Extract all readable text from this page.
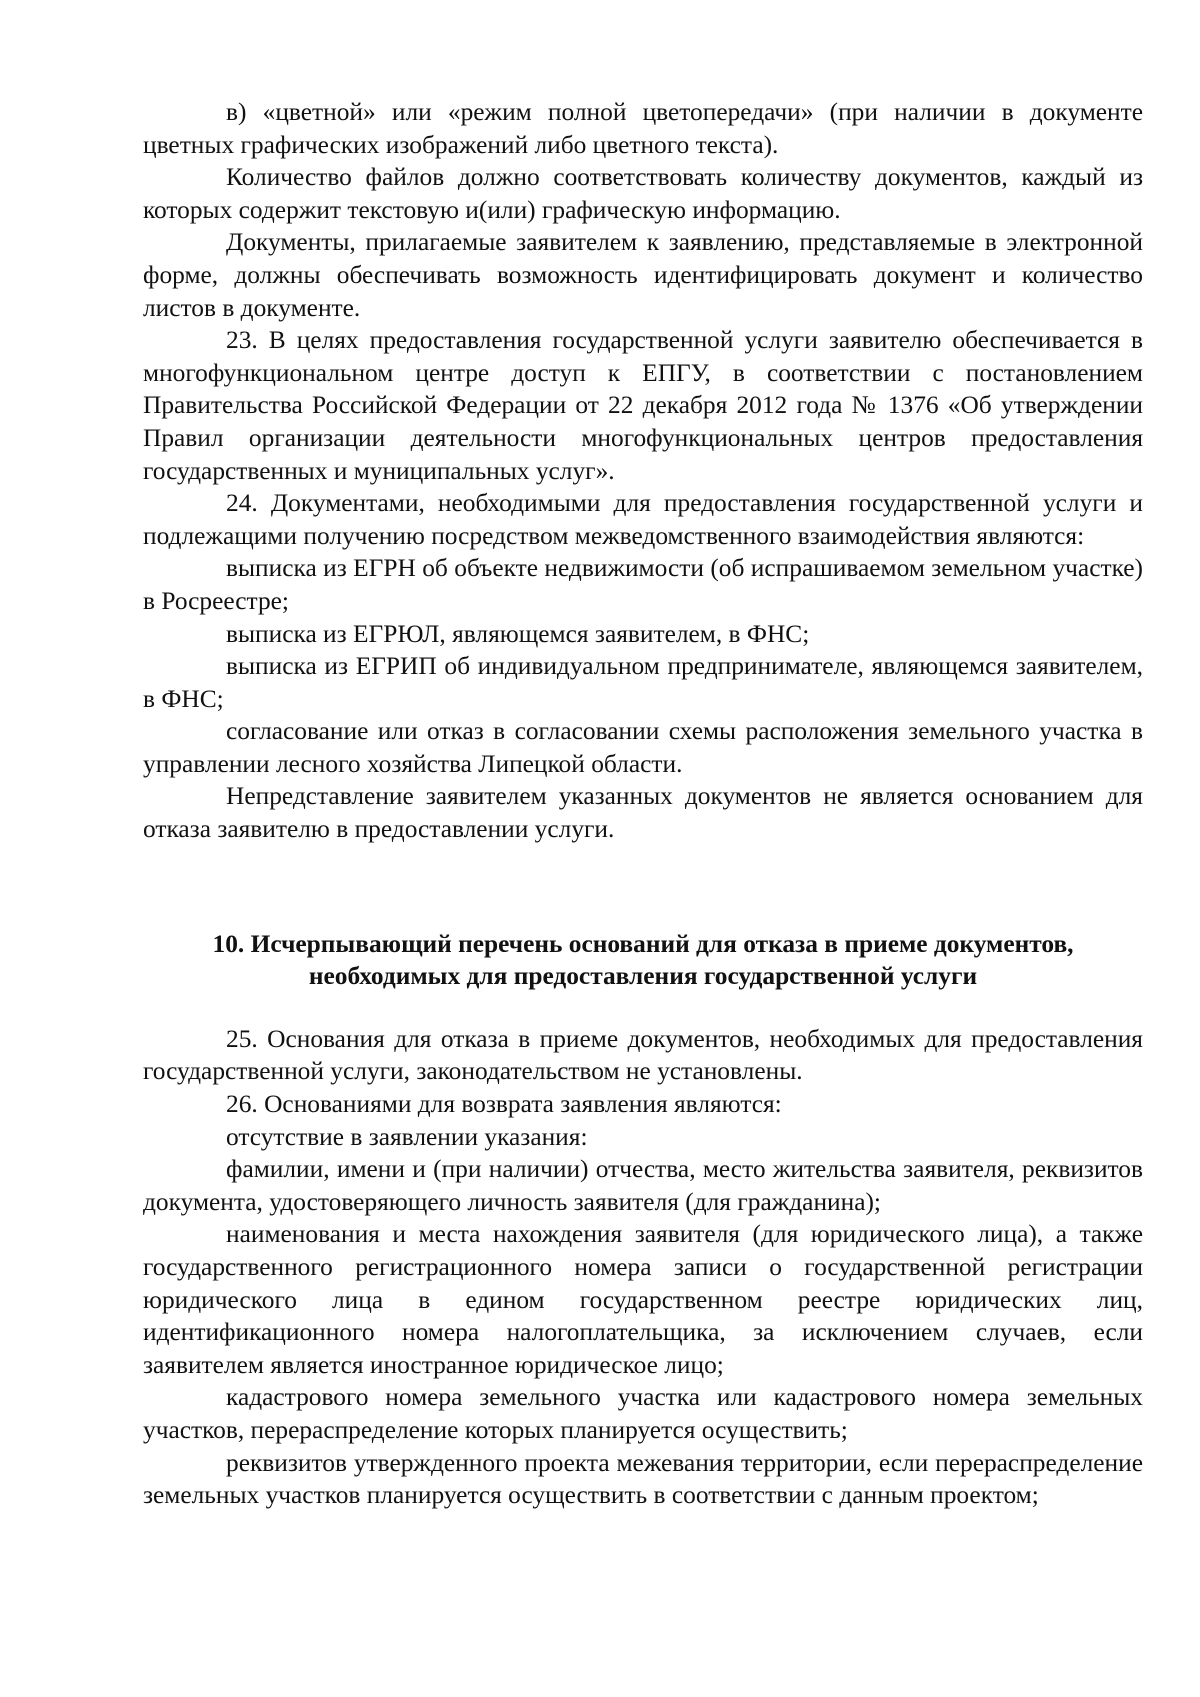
в) «цветной» или «режим полной цветопередачи» (при наличии в документе цветных графических изображений либо цветного текста).

Количество файлов должно соответствовать количеству документов, каждый из которых содержит текстовую и(или) графическую информацию.

Документы, прилагаемые заявителем к заявлению, представляемые в электронной форме, должны обеспечивать возможность идентифицировать документ и количество листов в документе.

23. В целях предоставления государственной услуги заявителю обеспечивается в многофункциональном центре доступ к ЕПГУ, в соответствии с постановлением Правительства Российской Федерации от 22 декабря 2012 года № 1376 «Об утверждении Правил организации деятельности многофункциональных центров предоставления государственных и муниципальных услуг».

24. Документами, необходимыми для предоставления государственной услуги и подлежащими получению посредством межведомственного взаимодействия являются:

выписка из ЕГРН об объекте недвижимости (об испрашиваемом земельном участке) в Росреестре;

выписка из ЕГРЮЛ, являющемся заявителем, в ФНС;

выписка из ЕГРИП об индивидуальном предпринимателе, являющемся заявителем, в ФНС;

согласование или отказ в согласовании схемы расположения земельного участка в управлении лесного хозяйства Липецкой области.

Непредставление заявителем указанных документов не является основанием для отказа заявителю в предоставлении услуги.

10. Исчерпывающий перечень оснований для отказа в приеме документов,
необходимых для предоставления государственной услуги

25. Основания для отказа в приеме документов, необходимых для предоставления государственной услуги, законодательством не установлены.

26. Основаниями для возврата заявления являются:

отсутствие в заявлении указания:

фамилии, имени и (при наличии) отчества, место жительства заявителя, реквизитов документа, удостоверяющего личность заявителя (для гражданина);

наименования и места нахождения заявителя (для юридического лица), а также государственного регистрационного номера записи о государственной регистрации юридического лица в едином государственном реестре юридических лиц, идентификационного номера налогоплательщика, за исключением случаев, если заявителем является иностранное юридическое лицо;

кадастрового номера земельного участка или кадастрового номера земельных участков, перераспределение которых планируется осуществить;

реквизитов утвержденного проекта межевания территории, если перераспределение земельных участков планируется осуществить в соответствии с данным проектом;
